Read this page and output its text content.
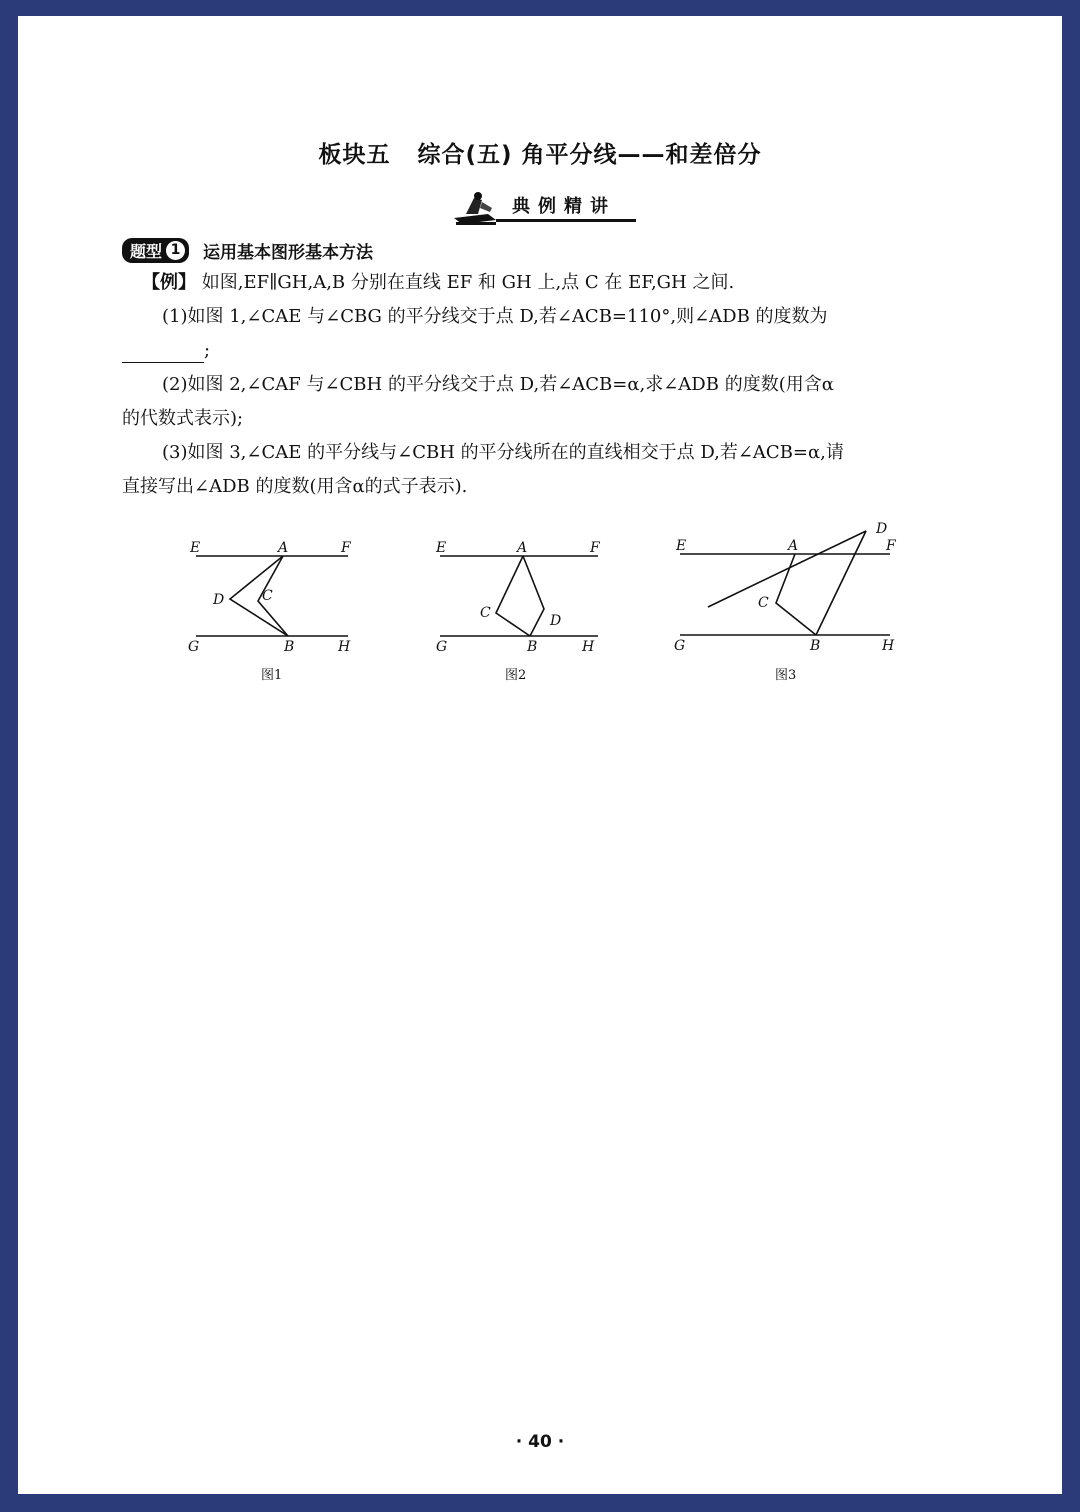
板块五 综合(五) 角平分线——和差倍分
典例精讲
题型 1 运用基本图形基本方法
【例】 如图,EF∥GH,A,B 分别在直线 EF 和 GH 上,点 C 在 EF,GH 之间.
(1)如图 1,∠CAE 与∠CBG 的平分线交于点 D,若∠ACB=110°,则∠ADB 的度数为
;
(2)如图 2,∠CAF 与∠CBH 的平分线交于点 D,若∠ACB=α,求∠ADB 的度数(用含α
的代数式表示);
(3)如图 3,∠CAE 的平分线与∠CBH 的平分线所在的直线相交于点 D,若∠ACB=α,请
直接写出∠ADB 的度数(用含α的式子表示).
E	A	F
D	C
G	B	H
图1
E	A	F
C	D
G	B	H
图2
E	A	F
C
D
G	B	H
图3
· 40 ·
